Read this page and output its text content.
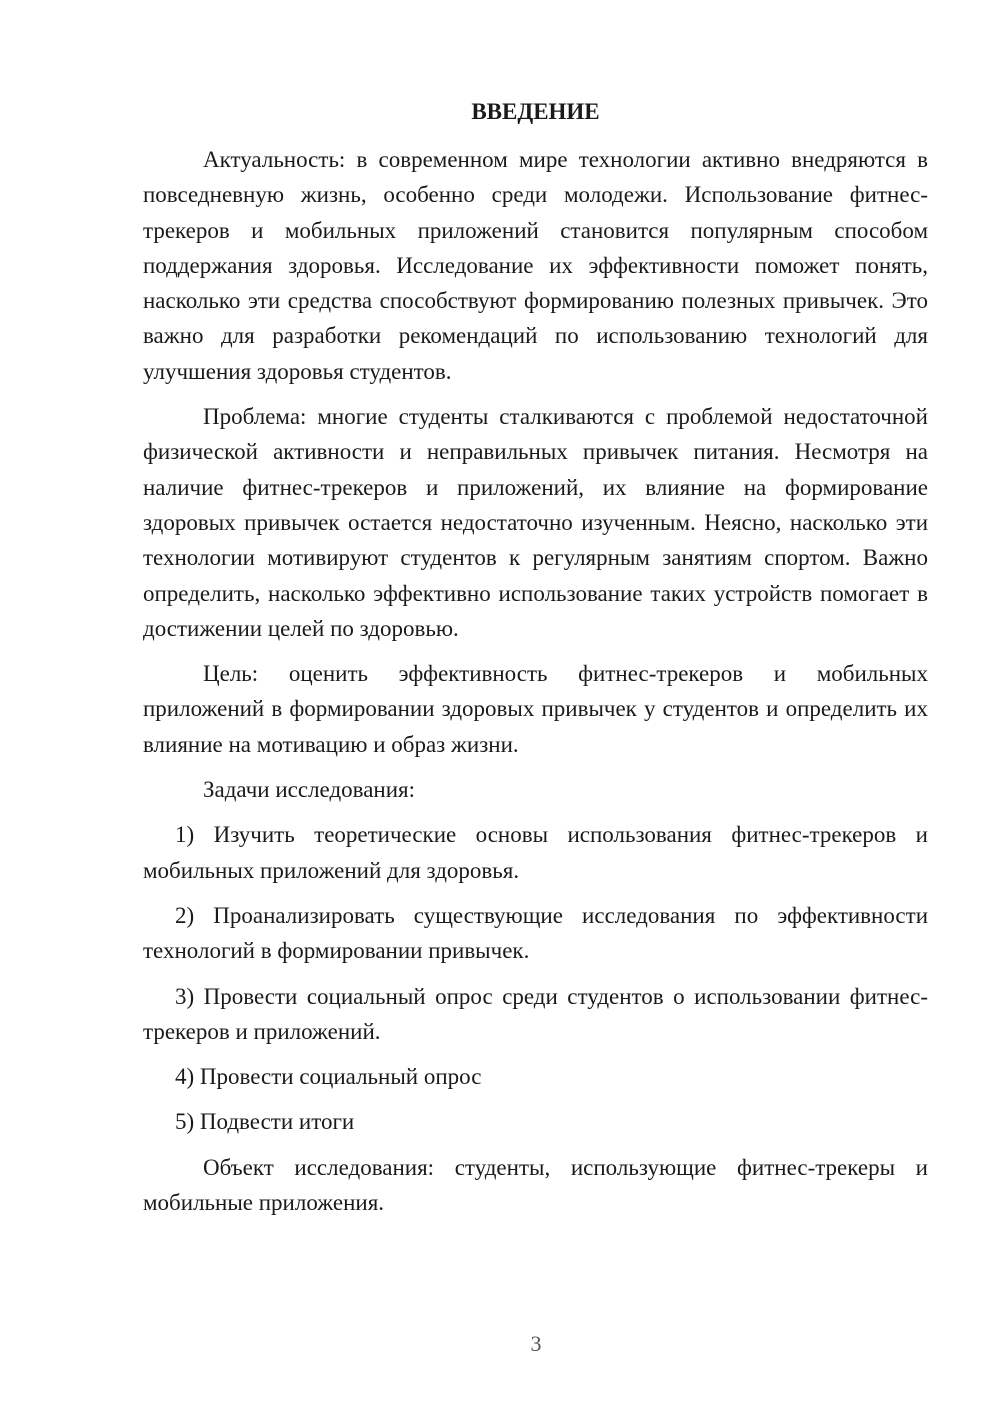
ВВЕДЕНИЕ

Актуальность: в современном мире технологии активно внедряются в повседневную жизнь, особенно среди молодежи. Использование фитнес-трекеров и мобильных приложений становится популярным способом поддержания здоровья. Исследование их эффективности поможет понять, насколько эти средства способствуют формированию полезных привычек. Это важно для разработки рекомендаций по использованию технологий для улучшения здоровья студентов.

Проблема: многие студенты сталкиваются с проблемой недостаточной физической активности и неправильных привычек питания. Несмотря на наличие фитнес-трекеров и приложений, их влияние на формирование здоровых привычек остается недостаточно изученным. Неясно, насколько эти технологии мотивируют студентов к регулярным занятиям спортом. Важно определить, насколько эффективно использование таких устройств помогает в достижении целей по здоровью.

Цель: оценить эффективность фитнес-трекеров и мобильных приложений в формировании здоровых привычек у студентов и определить их влияние на мотивацию и образ жизни.

Задачи исследования:

1) Изучить теоретические основы использования фитнес-трекеров и мобильных приложений для здоровья.

2) Проанализировать существующие исследования по эффективности технологий в формировании привычек.

3) Провести социальный опрос среди студентов о использовании фитнес-трекеров и приложений.

4) Провести социальный опрос

5) Подвести итоги

Объект исследования: студенты, использующие фитнес-трекеры и мобильные приложения.

3
